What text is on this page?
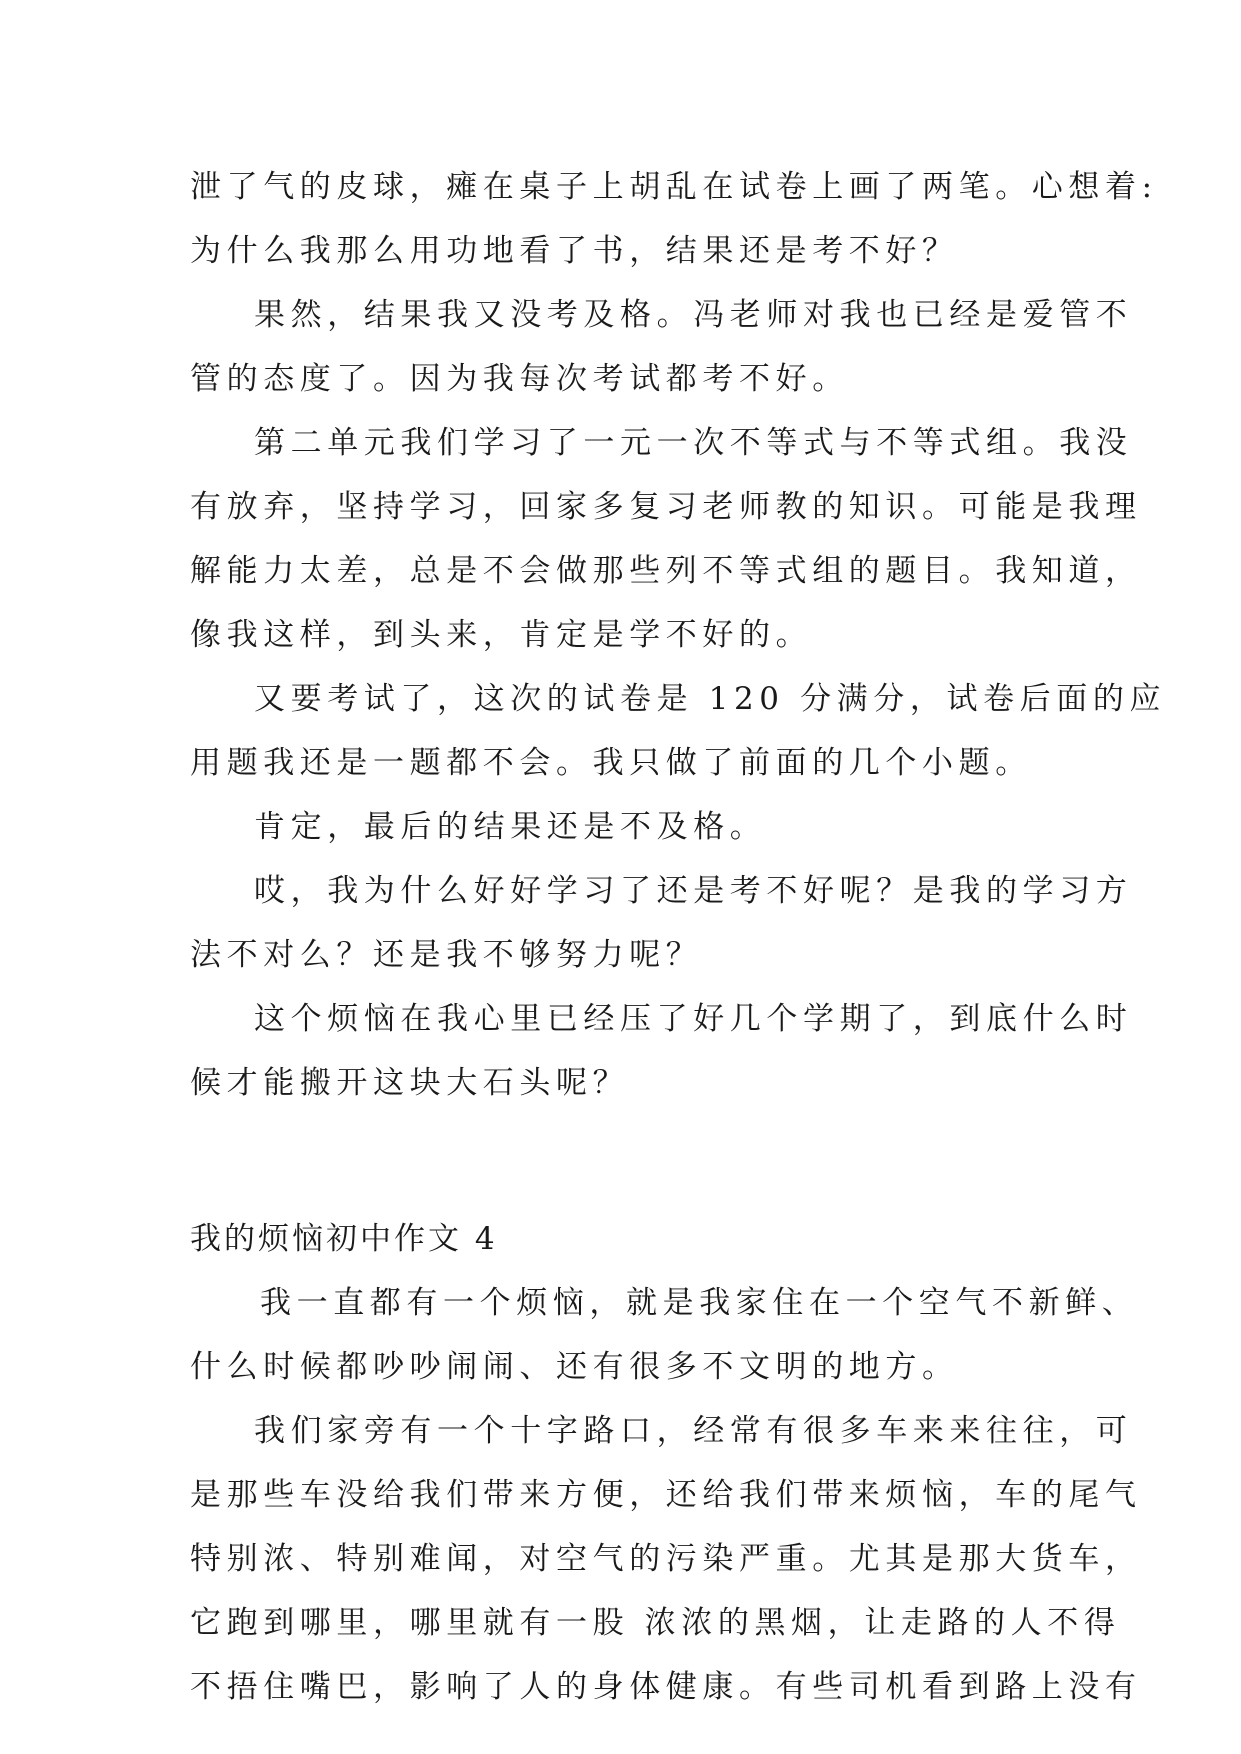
泄了气的皮球，瘫在桌子上胡乱在试卷上画了两笔。心想着:
为什么我那么用功地看了书，结果还是考不好？
果然，结果我又没考及格。冯老师对我也已经是爱管不
管的态度了。因为我每次考试都考不好。
第二单元我们学习了一元一次不等式与不等式组。我没
有放弃，坚持学习，回家多复习老师教的知识。可能是我理
解能力太差，总是不会做那些列不等式组的题目。我知道，
像我这样，到头来，肯定是学不好的。
又要考试了，这次的试卷是 120 分满分，试卷后面的应
用题我还是一题都不会。我只做了前面的几个小题。
肯定，最后的结果还是不及格。
哎，我为什么好好学习了还是考不好呢？是我的学习方
法不对么？还是我不够努力呢？
这个烦恼在我心里已经压了好几个学期了，到底什么时
候才能搬开这块大石头呢？
我的烦恼初中作文 4
我一直都有一个烦恼，就是我家住在一个空气不新鲜、
什么时候都吵吵闹闹、还有很多不文明的地方。
我们家旁有一个十字路口，经常有很多车来来往往，可
是那些车没给我们带来方便，还给我们带来烦恼，车的尾气
特别浓、特别难闻，对空气的污染严重。尤其是那大货车，
它跑到哪里，哪里就有一股 浓浓的黑烟，让走路的人不得
不捂住嘴巴，影响了人的身体健康。有些司机看到路上没有
